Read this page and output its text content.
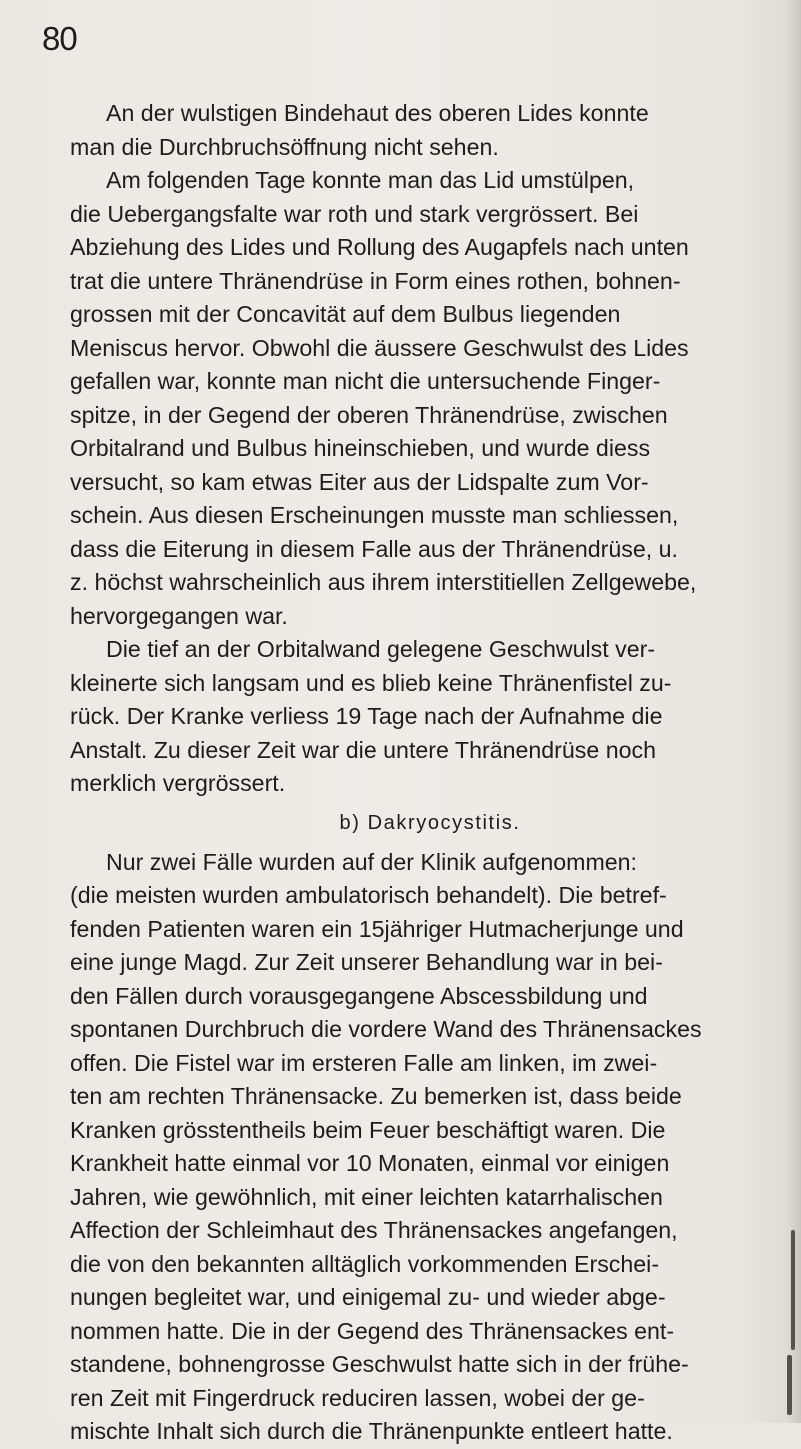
80
An der wulstigen Bindehaut des oberen Lides konnte
man die Durchbruchsöffnung nicht sehen.
Am folgenden Tage konnte man das Lid umstülpen,
die Uebergangsfalte war roth und stark vergrössert. Bei
Abziehung des Lides und Rollung des Augapfels nach unten
trat die untere Thränendrüse in Form eines rothen, bohnen-
grossen mit der Concavität auf dem Bulbus liegenden
Meniscus hervor. Obwohl die äussere Geschwulst des Lides
gefallen war, konnte man nicht die untersuchende Finger-
spitze, in der Gegend der oberen Thränendrüse, zwischen
Orbitalrand und Bulbus hineinschieben, und wurde diess
versucht, so kam etwas Eiter aus der Lidspalte zum Vor-
schein. Aus diesen Erscheinungen musste man schliessen,
dass die Eiterung in diesem Falle aus der Thränendrüse, u.
z. höchst wahrscheinlich aus ihrem interstitiellen Zellgewebe,
hervorgegangen war.
Die tief an der Orbitalwand gelegene Geschwulst ver-
kleinerte sich langsam und es blieb keine Thränenfistel zu-
rück. Der Kranke verliess 19 Tage nach der Aufnahme die
Anstalt. Zu dieser Zeit war die untere Thränendrüse noch
merklich vergrössert.
b) Dakryocystitis.
Nur zwei Fälle wurden auf der Klinik aufgenommen:
(die meisten wurden ambulatorisch behandelt). Die betref-
fenden Patienten waren ein 15jähriger Hutmacherjunge und
eine junge Magd. Zur Zeit unserer Behandlung war in bei-
den Fällen durch vorausgegangene Abscessbildung und
spontanen Durchbruch die vordere Wand des Thränensackes
offen. Die Fistel war im ersteren Falle am linken, im zwei-
ten am rechten Thränensacke. Zu bemerken ist, dass beide
Kranken grösstentheils beim Feuer beschäftigt waren. Die
Krankheit hatte einmal vor 10 Monaten, einmal vor einigen
Jahren, wie gewöhnlich, mit einer leichten katarrhalischen
Affection der Schleimhaut des Thränensackes angefangen,
die von den bekannten alltäglich vorkommenden Erschei-
nungen begleitet war, und einigemal zu- und wieder abge-
nommen hatte. Die in der Gegend des Thränensackes ent-
standene, bohnengrosse Geschwulst hatte sich in der frühe-
ren Zeit mit Fingerdruck reduciren lassen, wobei der ge-
mischte Inhalt sich durch die Thränenpunkte entleert hatte.
